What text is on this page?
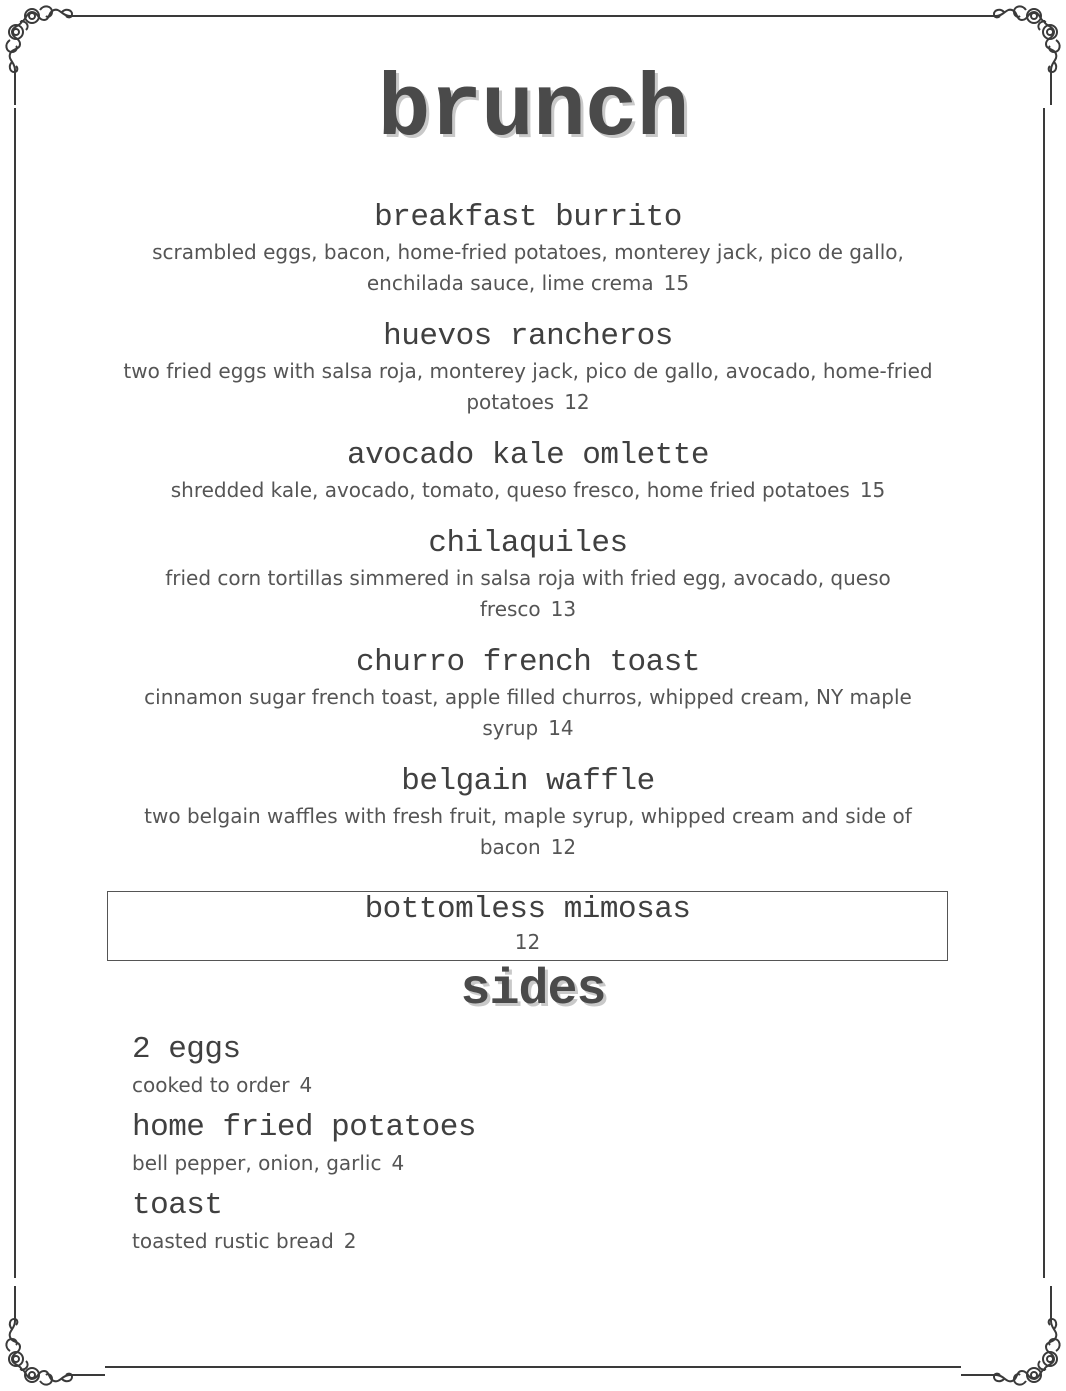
brunch
breakfast burrito
scrambled eggs, bacon, home-fried potatoes, monterey jack, pico de gallo, enchilada sauce, lime crema 15
huevos rancheros
two fried eggs with salsa roja, monterey jack, pico de gallo, avocado, home-fried potatoes 12
avocado kale omlette
shredded kale, avocado, tomato, queso fresco, home fried potatoes 15
chilaquiles
fried corn tortillas simmered in salsa roja with fried egg, avocado, queso fresco 13
churro french toast
cinnamon sugar french toast, apple filled churros, whipped cream, NY maple syrup 14
belgain waffle
two belgain waffles with fresh fruit, maple syrup, whipped cream and side of bacon 12
bottomless mimosas
12
sides
2 eggs
cooked to order 4
home fried potatoes
bell pepper, onion, garlic 4
toast
toasted rustic bread 2
